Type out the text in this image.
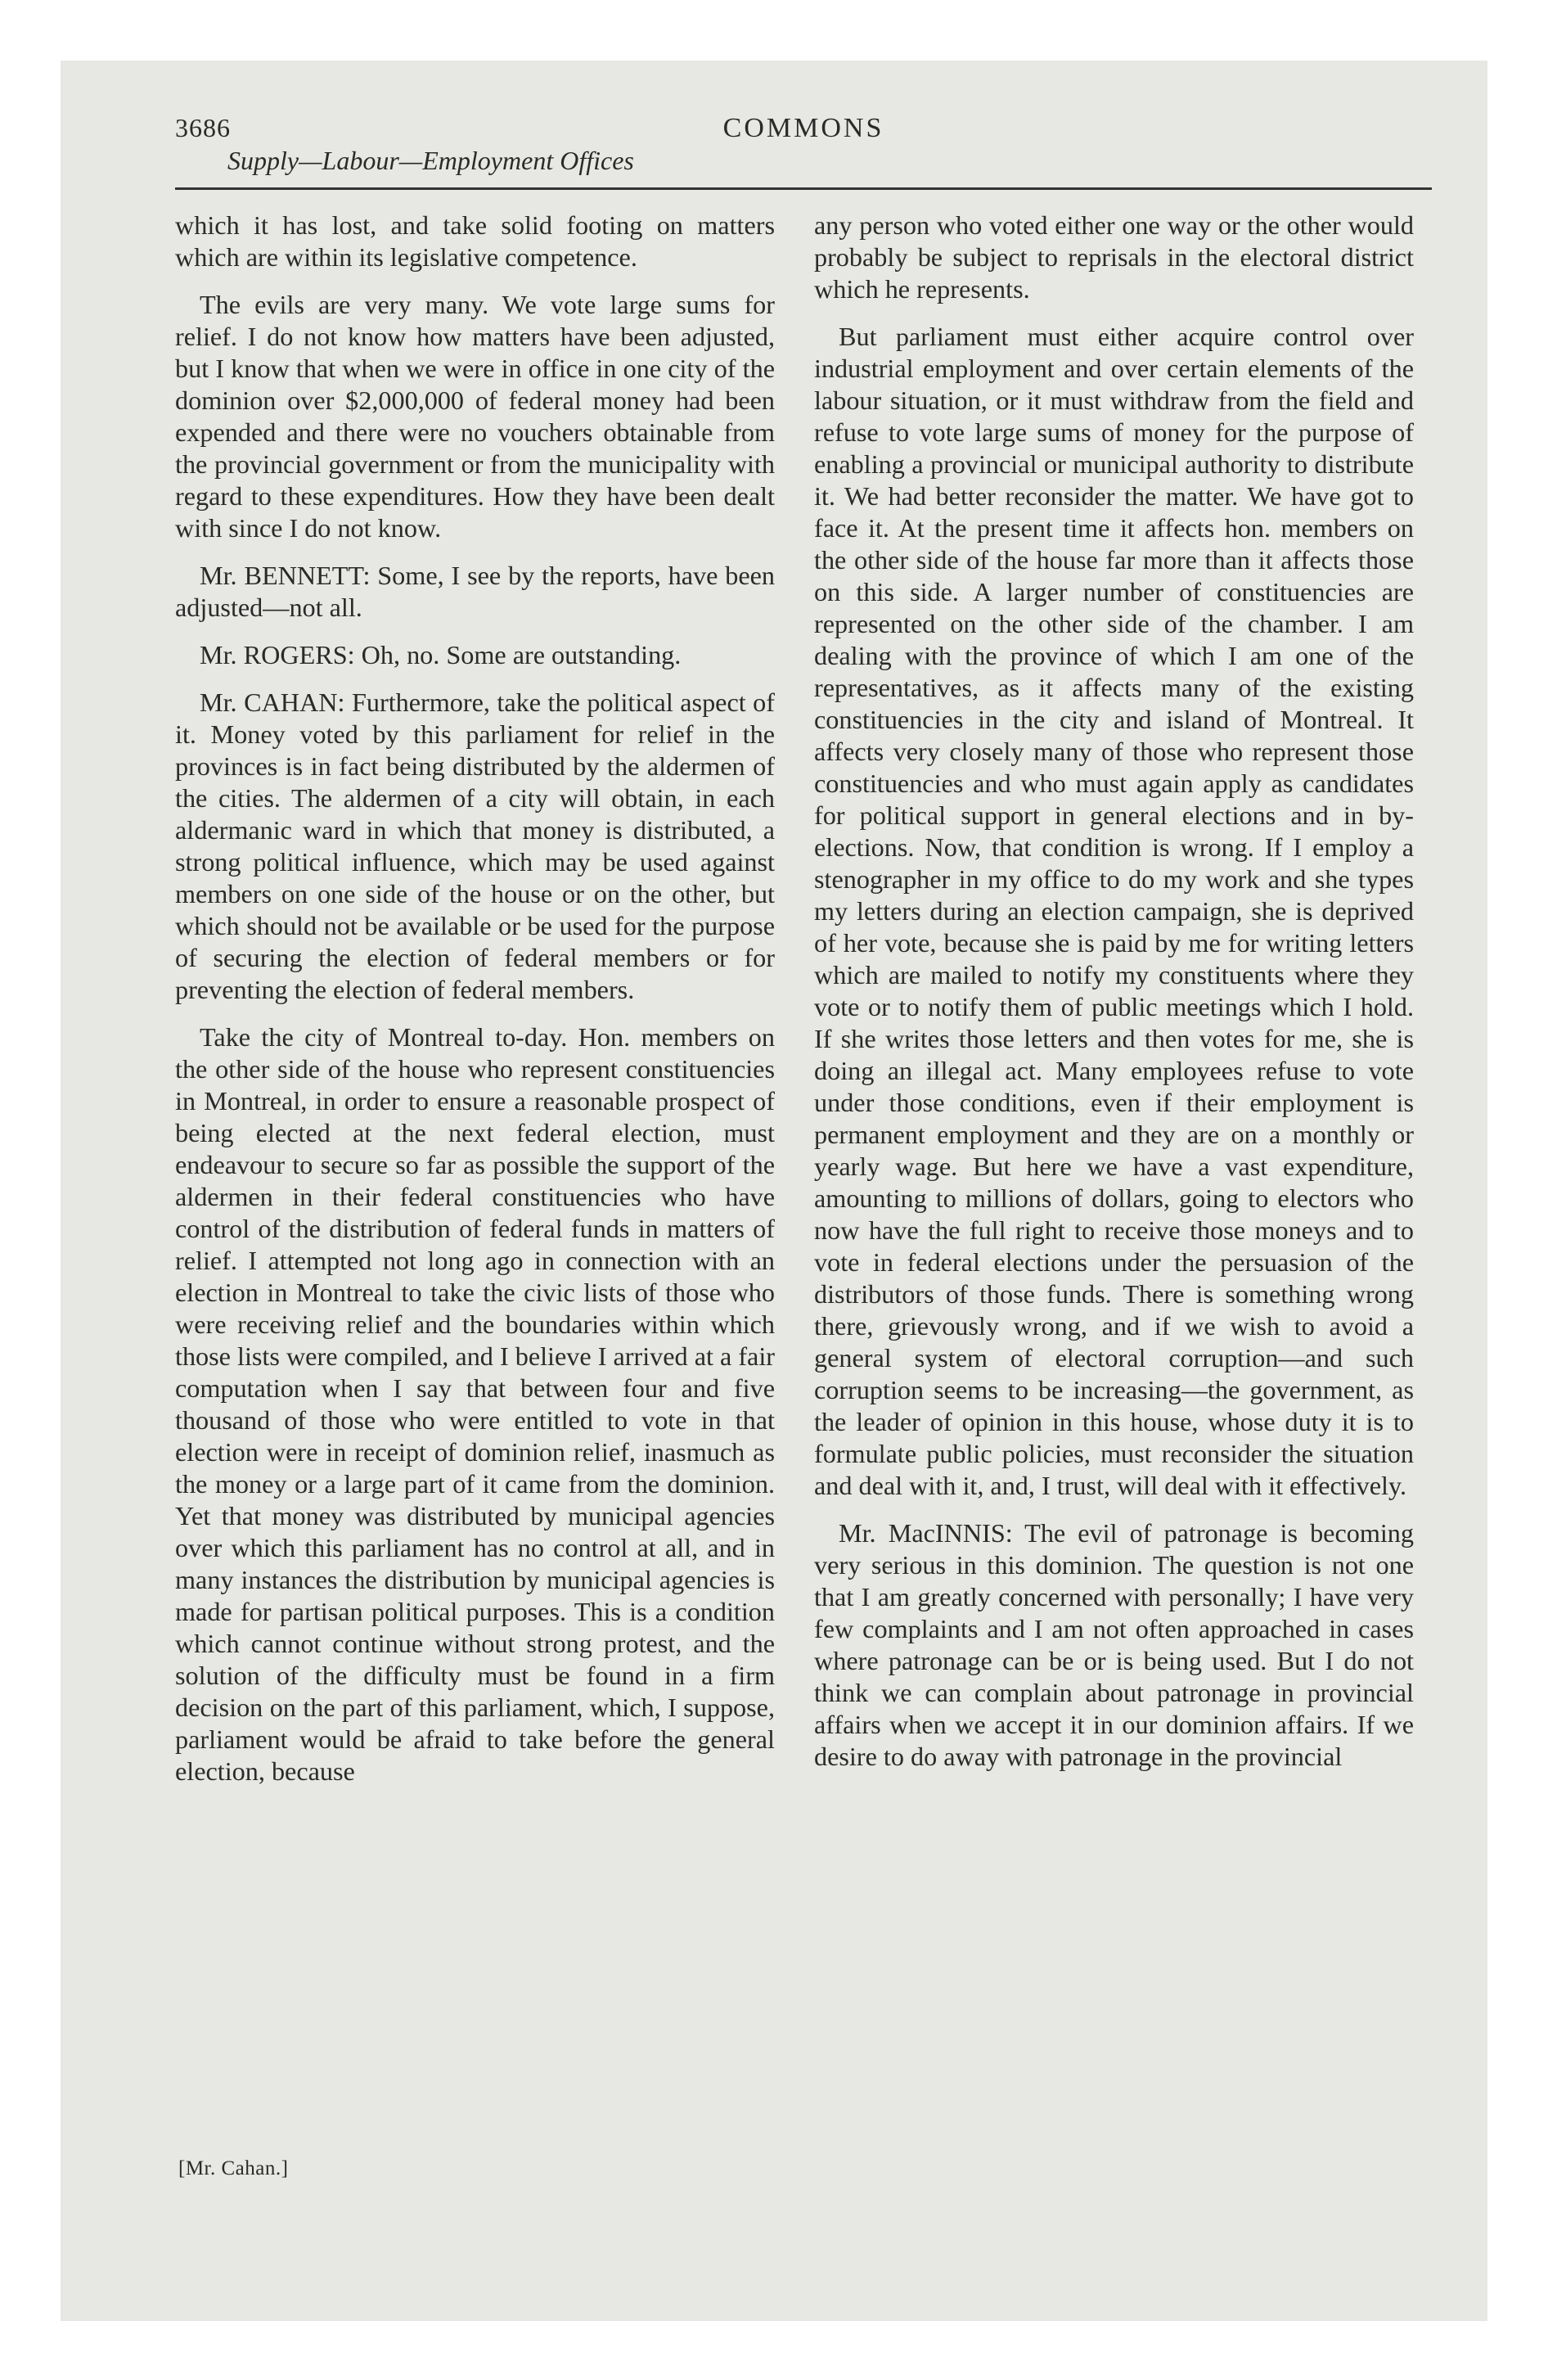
3686	COMMONS
Supply—Labour—Employment Offices

which it has lost, and take solid footing on matters which are within its legislative competence.

The evils are very many. We vote large sums for relief. I do not know how matters have been adjusted, but I know that when we were in office in one city of the dominion over $2,000,000 of federal money had been expended and there were no vouchers obtainable from the provincial government or from the municipality with regard to these expenditures. How they have been dealt with since I do not know.

Mr. BENNETT: Some, I see by the reports, have been adjusted—not all.

Mr. ROGERS: Oh, no. Some are outstanding.

Mr. CAHAN: Furthermore, take the political aspect of it. Money voted by this parliament for relief in the provinces is in fact being distributed by the aldermen of the cities. The aldermen of a city will obtain, in each aldermanic ward in which that money is distributed, a strong political influence, which may be used against members on one side of the house or on the other, but which should not be available or be used for the purpose of securing the election of federal members or for preventing the election of federal members.

Take the city of Montreal to-day. Hon. members on the other side of the house who represent constituencies in Montreal, in order to ensure a reasonable prospect of being elected at the next federal election, must endeavour to secure so far as possible the support of the aldermen in their federal constituencies who have control of the distribution of federal funds in matters of relief. I attempted not long ago in connection with an election in Montreal to take the civic lists of those who were receiving relief and the boundaries within which those lists were compiled, and I believe I arrived at a fair computation when I say that between four and five thousand of those who were entitled to vote in that election were in receipt of dominion relief, inasmuch as the money or a large part of it came from the dominion. Yet that money was distributed by municipal agencies over which this parliament has no control at all, and in many instances the distribution by municipal agencies is made for partisan political purposes. This is a condition which cannot continue without strong protest, and the solution of the difficulty must be found in a firm decision on the part of this parliament, which, I suppose, parliament would be afraid to take before the general election, because

any person who voted either one way or the other would probably be subject to reprisals in the electoral district which he represents.

But parliament must either acquire control over industrial employment and over certain elements of the labour situation, or it must withdraw from the field and refuse to vote large sums of money for the purpose of enabling a provincial or municipal authority to distribute it. We had better reconsider the matter. We have got to face it. At the present time it affects hon. members on the other side of the house far more than it affects those on this side. A larger number of constituencies are represented on the other side of the chamber. I am dealing with the province of which I am one of the representatives, as it affects many of the existing constituencies in the city and island of Montreal. It affects very closely many of those who represent those constituencies and who must again apply as candidates for political support in general elections and in by-elections. Now, that condition is wrong. If I employ a stenographer in my office to do my work and she types my letters during an election campaign, she is deprived of her vote, because she is paid by me for writing letters which are mailed to notify my constituents where they vote or to notify them of public meetings which I hold. If she writes those letters and then votes for me, she is doing an illegal act. Many employees refuse to vote under those conditions, even if their employment is permanent employment and they are on a monthly or yearly wage. But here we have a vast expenditure, amounting to millions of dollars, going to electors who now have the full right to receive those moneys and to vote in federal elections under the persuasion of the distributors of those funds. There is something wrong there, grievously wrong, and if we wish to avoid a general system of electoral corruption—and such corruption seems to be increasing—the government, as the leader of opinion in this house, whose duty it is to formulate public policies, must reconsider the situation and deal with it, and, I trust, will deal with it effectively.

Mr. MacINNIS: The evil of patronage is becoming very serious in this dominion. The question is not one that I am greatly concerned with personally; I have very few complaints and I am not often approached in cases where patronage can be or is being used. But I do not think we can complain about patronage in provincial affairs when we accept it in our dominion affairs. If we desire to do away with patronage in the provincial

[Mr. Cahan.]
